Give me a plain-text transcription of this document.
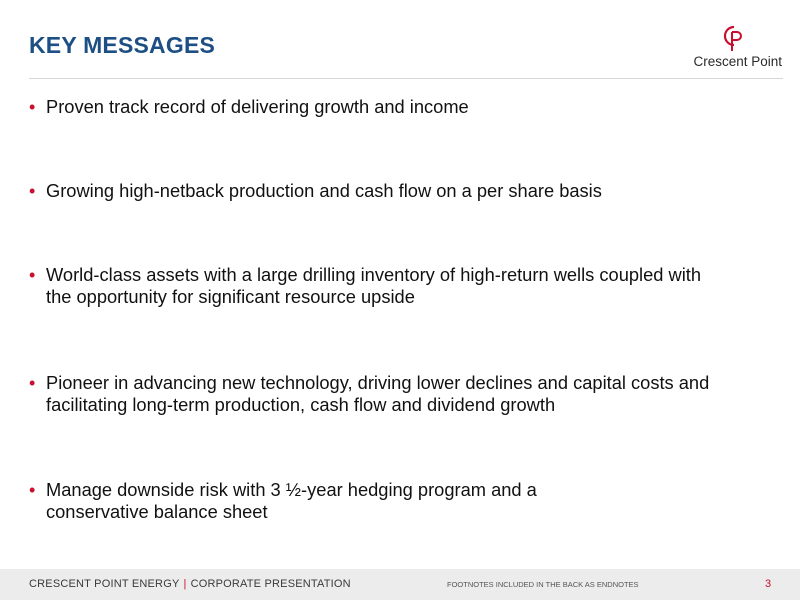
KEY MESSAGES
Crescent Point
• Proven track record of delivering growth and income
• Growing high-netback production and cash flow on a per share basis
• World-class assets with a large drilling inventory of high-return wells coupled with the opportunity for significant resource upside
• Pioneer in advancing new technology, driving lower declines and capital costs and facilitating long-term production, cash flow and dividend growth
• Manage downside risk with 3 ½-year hedging program and a conservative balance sheet
CRESCENT POINT ENERGY | CORPORATE PRESENTATION	FOOTNOTES INCLUDED IN THE BACK AS ENDNOTES	3
